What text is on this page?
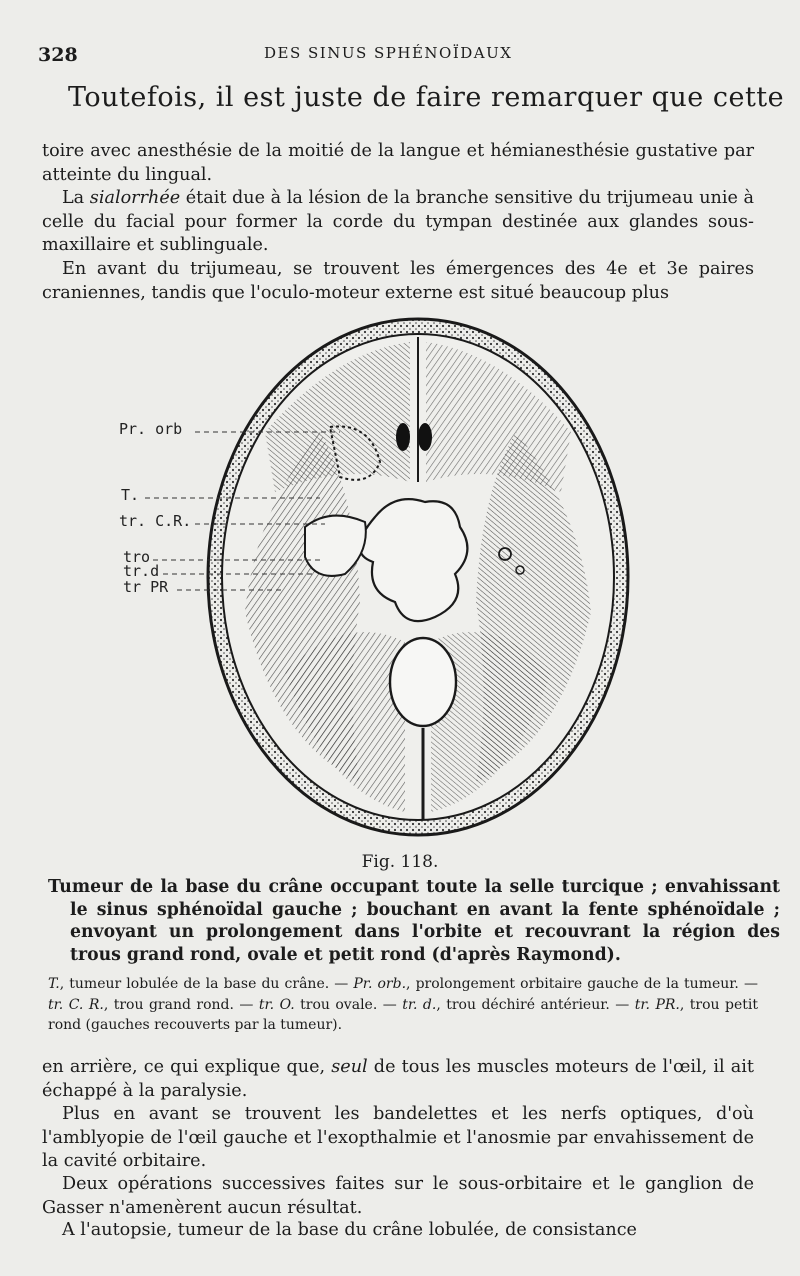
328	DES SINUS SPHÉNOÏDAUX
Toutefois, il est juste de faire remarquer que cette

toire avec anesthésie de la moitié de la langue et hémianesthésie gustative par atteinte du lingual.

La sialorrhée était due à la lésion de la branche sensitive du trijumeau unie à celle du facial pour former la corde du tympan destinée aux glandes sous-maxillaire et sublinguale.

En avant du trijumeau, se trouvent les émergences des 4e et 3e paires craniennes, tandis que l'oculo-moteur externe est situé beaucoup plus

Pr. orb
T.
tr. C.R.
tro
tr.d
tr PR
Fig. 118.

Tumeur de la base du crâne occupant toute la selle turcique ; envahissant le sinus sphénoïdal gauche ; bouchant en avant la fente sphénoïdale ; envoyant un prolongement dans l'orbite et recouvrant la région des trous grand rond, ovale et petit rond (d'après Raymond).

T., tumeur lobulée de la base du crâne. — Pr. orb., prolongement orbitaire gauche de la tumeur. — tr. C. R., trou grand rond. — tr. O. trou ovale. — tr. d., trou déchiré antérieur. — tr. PR., trou petit rond (gauches recouverts par la tumeur).

en arrière, ce qui explique que, seul de tous les muscles moteurs de l'œil, il ait échappé à la paralysie.

Plus en avant se trouvent les bandelettes et les nerfs optiques, d'où l'amblyopie de l'œil gauche et l'exopthalmie et l'anosmie par envahissement de la cavité orbitaire.

Deux opérations successives faites sur le sous-orbitaire et le ganglion de Gasser n'amenèrent aucun résultat.

A l'autopsie, tumeur de la base du crâne lobulée, de consistance
